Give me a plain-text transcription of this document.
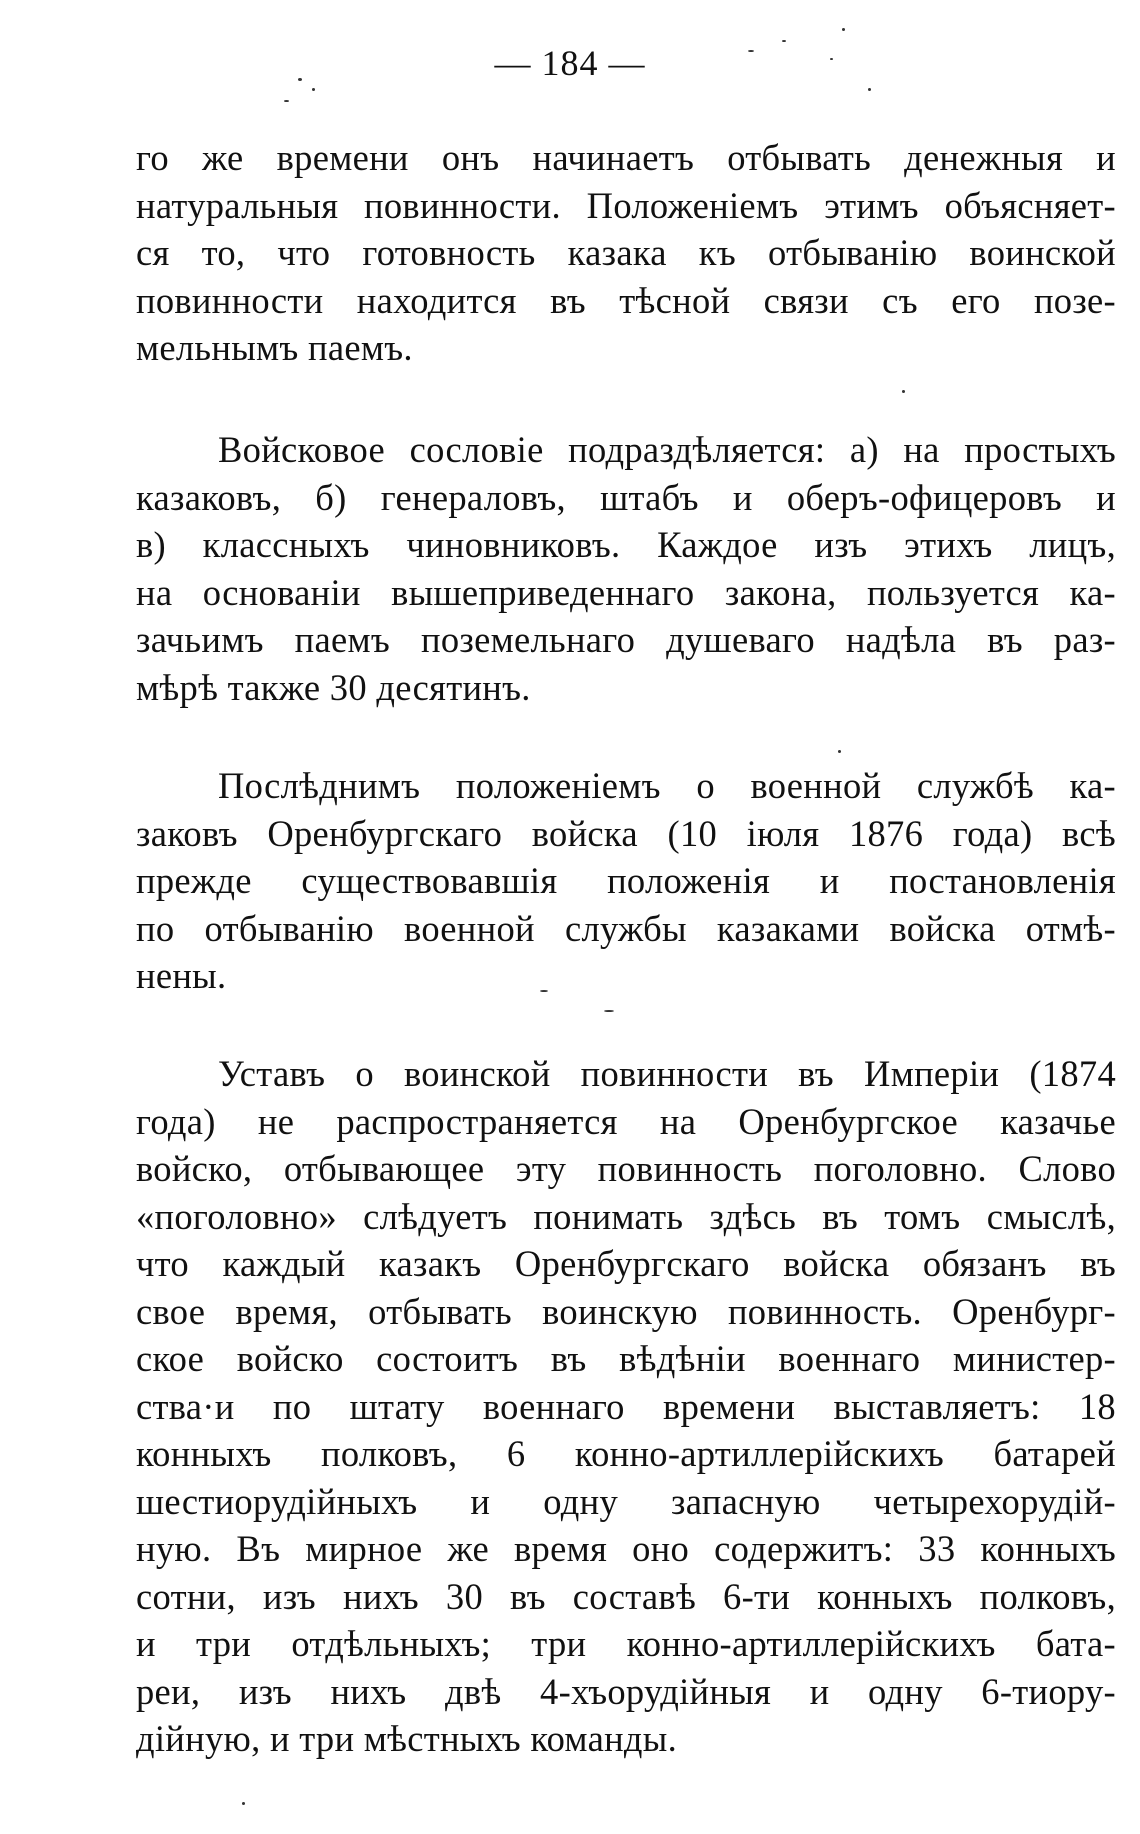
— 184 —
го же времени онъ начинаетъ отбывать денежныя и
натуральныя повинности. Положеніемъ этимъ объясняет-
ся то, что готовность казака къ отбыванію воинской
повинности находится въ тѣсной связи съ его позе-
мельнымъ паемъ.
Войсковое сословіе подраздѣляется: а) на простыхъ
казаковъ, б) генераловъ, штабъ и оберъ-офицеровъ и
в) классныхъ чиновниковъ. Каждое изъ этихъ лицъ,
на основаніи вышеприведеннаго закона, пользуется ка-
зачьимъ паемъ поземельнаго душеваго надѣла въ раз-
мѣрѣ также 30 десятинъ.
Послѣднимъ положеніемъ о военной службѣ ка-
заковъ Оренбургскаго войска (10 іюля 1876 года) всѣ
прежде существовавшія положенія и постановленія
по отбыванію военной службы казаками войска отмѣ-
нены.
Уставъ о воинской повинности въ Имперіи (1874
года) не распространяется на Оренбургское казачье
войско, отбывающее эту повинность поголовно. Слово
«поголовно» слѣдуетъ понимать здѣсь въ томъ смыслѣ,
что каждый казакъ Оренбургскаго войска обязанъ въ
свое время, отбывать воинскую повинность. Оренбург-
ское войско состоитъ въ вѣдѣніи военнаго министер-
ства·и по штату военнаго времени выставляетъ: 18
конныхъ полковъ, 6 конно-артиллерійскихъ батарей
шестиорудійныхъ и одну запасную четырехорудій-
ную. Въ мирное же время оно содержитъ: 33 конныхъ
сотни, изъ нихъ 30 въ составѣ 6-ти конныхъ полковъ,
и три отдѣльныхъ; три конно-артиллерійскихъ бата-
реи, изъ нихъ двѣ 4-хъорудійныя и одну 6-тиору-
дійную, и три мѣстныхъ команды.
